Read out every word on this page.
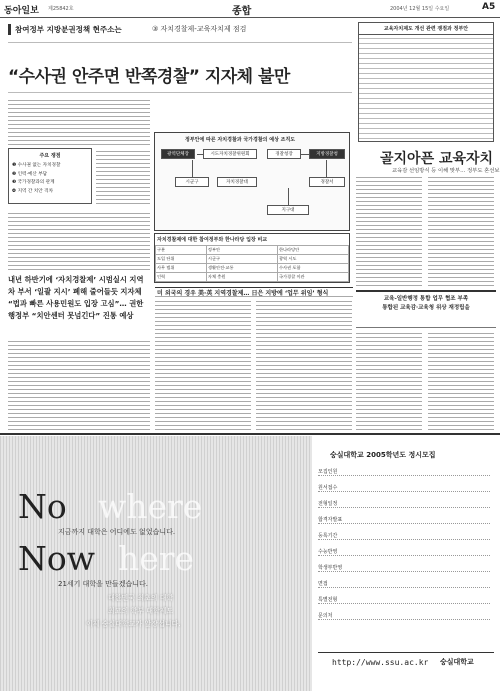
동아일보 제25842호	종합	2004년 12월 15일 수요일	A5
참여정부 지방분권정책 현주소는	③ 자치경찰제-교육자치제 점검
“수사권 안주면 반쪽경찰” 지자체 불만
주요 쟁점
❶ 수사권 없는 자치경찰
❷ 인력·예산 부담
❸ 국가경찰과의 관계
❹ 지역 간 치안 격차
정부안에 따른 자치경찰과 국가경찰의 예상 조직도
광역단체장	시도자치경찰위원회	경찰청장	지방경찰청
시군구	자치경찰대	경찰서
지구대
자치경찰제에 대한 참여정부와 한나라당 입장 비교
구분	정부안	한나라당안
도입 단위	시군구	광역 시도
사무 범위	생활안전·교통	수사권 포함
인력	자체 충원	국가경찰 이관
내년 하반기에 ‘자치경찰제’ 시범실시 지역차 부서 ‘일괄 지시’ 폐해 줄어들듯 지자체 “법과 빠른 사용민원도 입장 고심”… 권한 행정부 “치안센터 못넘긴다” 진통 예상
미 외국의 경우 美·英 지역경찰제… 日은 지방에 ‘업무 위임’ 형식
교육자치제도 개선 관련 쟁점과 정부안
골지아픈 교육자치
교육감 선임방식 등 이해 맞부… 정부도 혼선보
교육-일반행정 통합 업무 협조 부족
통합된 교육감·교육청 위상 재정립을
No where
지금까지 대학은 어디에도 없었습니다.
Now here
21세기 대학을 만들겠습니다.
대한민국 최초의 대학
최고의 학부 대학제도
이제 숭실대학교가 앞장섭니다.
숭실대학교 2005학년도 정시모집
모집인원
원서접수
전형일정
합격자발표
등록기간
수능반영
학생부반영
면접
특별전형
문의처
http://www.ssu.ac.kr 숭실대학교
